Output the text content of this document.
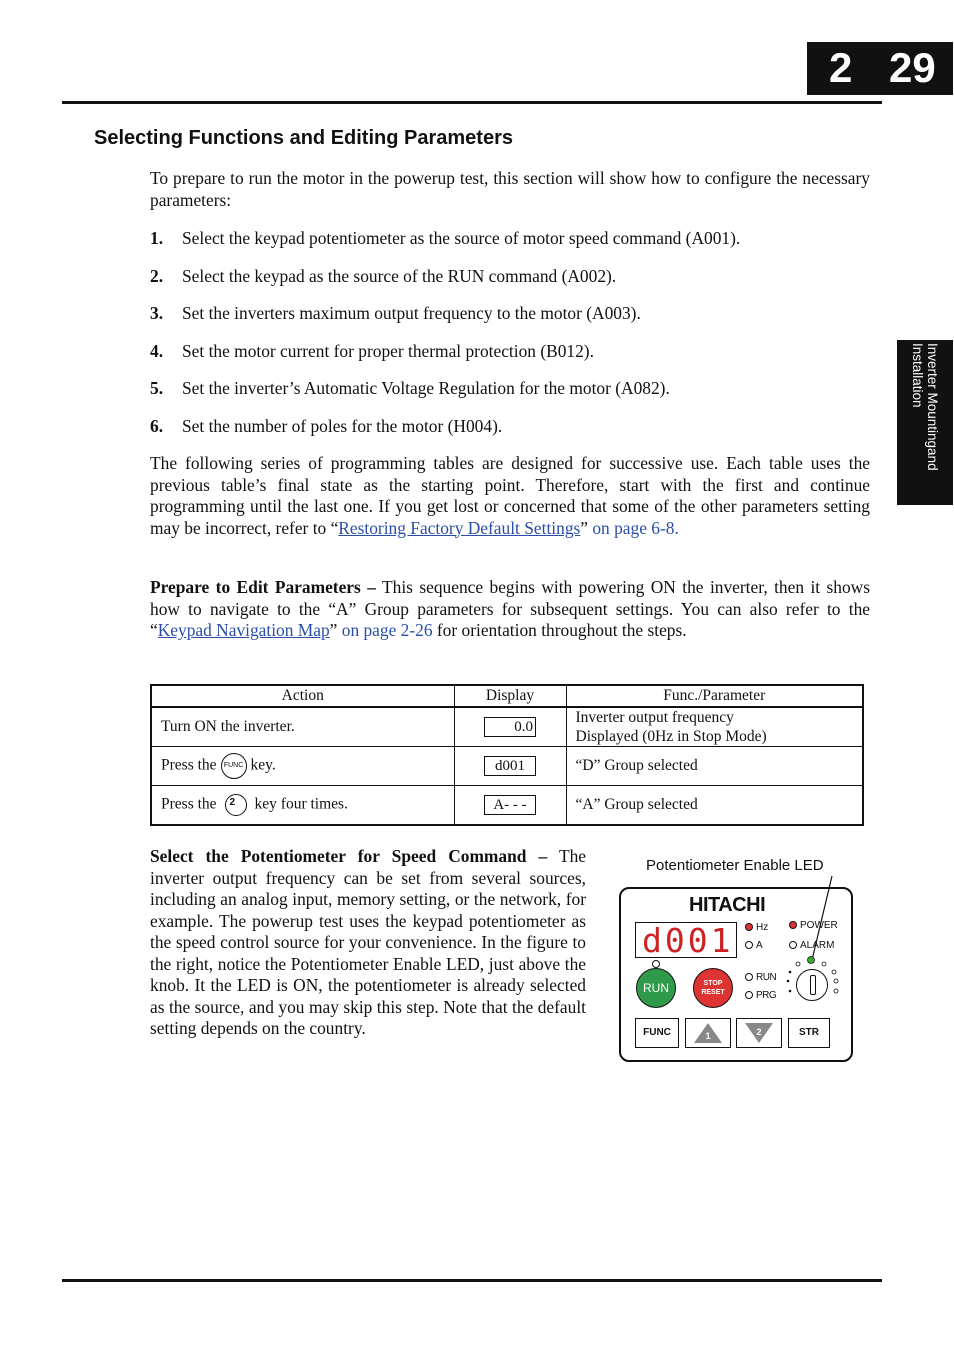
2 29
Inverter Mountingand Installation
Selecting Functions and Editing Parameters

To prepare to run the motor in the powerup test, this section will show how to configure the necessary parameters:

1. Select the keypad potentiometer as the source of motor speed command (A001).
2. Select the keypad as the source of the RUN command (A002).
3. Set the inverters maximum output frequency to the motor (A003).
4. Set the motor current for proper thermal protection (B012).
5. Set the inverter’s Automatic Voltage Regulation for the motor (A082).
6. Set the number of poles for the motor (H004).

The following series of programming tables are designed for successive use. Each table uses the previous table’s final state as the starting point. Therefore, start with the first and continue programming until the last one. If you get lost or concerned that some of the other parameters setting may be incorrect, refer to “Restoring Factory Default Settings” on page 6-8.

Prepare to Edit Parameters – This sequence begins with powering ON the inverter, then it shows how to navigate to the “A” Group parameters for subsequent settings. You can also refer to the “Keypad Navigation Map” on page 2-26 for orientation throughout the steps.

Action	Display	Func./Parameter
Turn ON the inverter.	0.0	Inverter output frequency
Displayed (0Hz in Stop Mode)

Press the FUNC key.	d001	“D” Group selected
Press the 2 key four times.	A- - -	“A” Group selected

Select the Potentiometer for Speed Command – The inverter output frequency can be set from several sources, including an analog input, memory setting, or the network, for example. The powerup test uses the keypad potentiometer as the speed control source for your convenience. In the figure to the right, notice the Potentiometer Enable LED, just above the knob. It the LED is ON, the potentiometer is already selected as the source, and you may skip this step. Note that the default setting depends on the country.

Potentiometer Enable LED
HITACHI
d001	Hz
A
POWER
ALARM
RUN
PRG
RUN	STOP
RESET
FUNC	1	2	STR
